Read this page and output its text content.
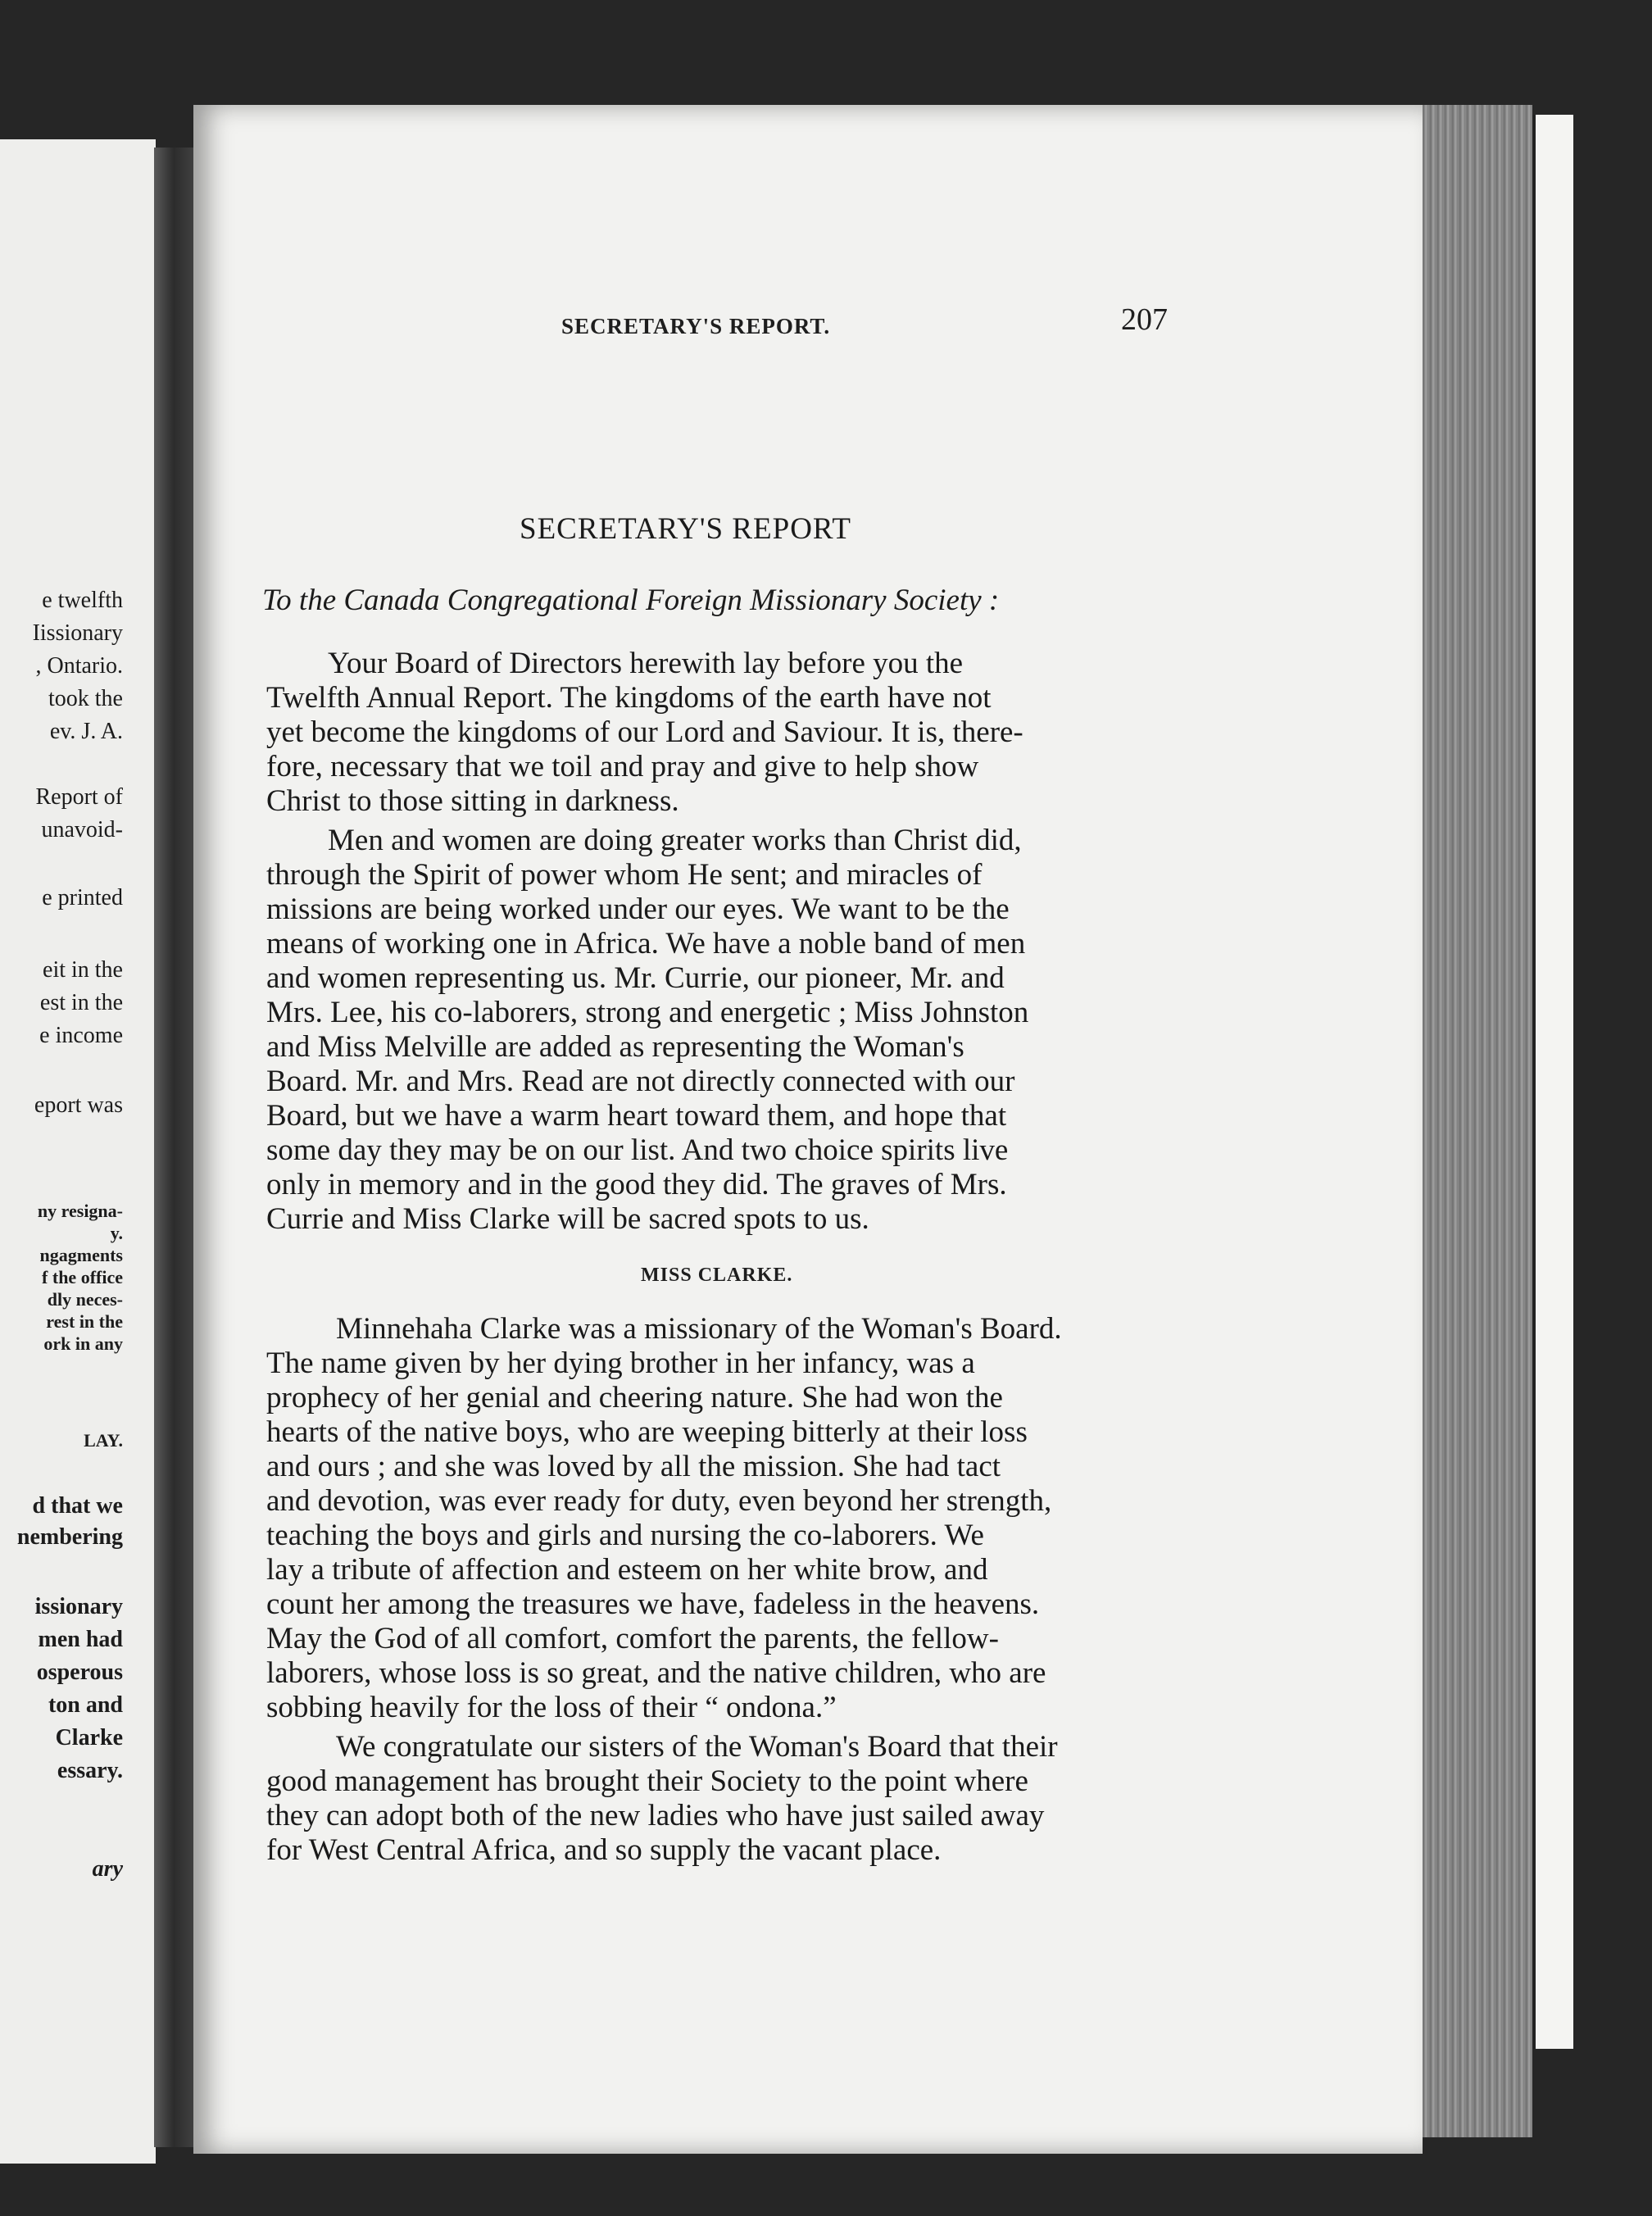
e twelfth
Iissionary
, Ontario.
took the
ev. J. A.
Report of
unavoid-
e printed
eit in the
est in the
e income
eport was
ny resigna-
y.
ngagments
f the office
dly neces-
rest in the
ork in any
LAY.
d that we
nembering
issionary
men had
osperous
ton and
Clarke
essary.
ary
SECRETARY'S REPORT.	207
SECRETARY'S REPORT
To the Canada Congregational Foreign Missionary Society :
Your Board of Directors herewith lay before you the
Twelfth Annual Report. The kingdoms of the earth have not
yet become the kingdoms of our Lord and Saviour. It is, there-
fore, necessary that we toil and pray and give to help show
Christ to those sitting in darkness.
Men and women are doing greater works than Christ did,
through the Spirit of power whom He sent; and miracles of
missions are being worked under our eyes. We want to be the
means of working one in Africa. We have a noble band of men
and women representing us. Mr. Currie, our pioneer, Mr. and
Mrs. Lee, his co-laborers, strong and energetic ; Miss Johnston
and Miss Melville are added as representing the Woman's
Board. Mr. and Mrs. Read are not directly connected with our
Board, but we have a warm heart toward them, and hope that
some day they may be on our list. And two choice spirits live
only in memory and in the good they did. The graves of Mrs.
Currie and Miss Clarke will be sacred spots to us.
MISS CLARKE.
Minnehaha Clarke was a missionary of the Woman's Board.
The name given by her dying brother in her infancy, was a
prophecy of her genial and cheering nature. She had won the
hearts of the native boys, who are weeping bitterly at their loss
and ours ; and she was loved by all the mission. She had tact
and devotion, was ever ready for duty, even beyond her strength,
teaching the boys and girls and nursing the co-laborers. We
lay a tribute of affection and esteem on her white brow, and
count her among the treasures we have, fadeless in the heavens.
May the God of all comfort, comfort the parents, the fellow-
laborers, whose loss is so great, and the native children, who are
sobbing heavily for the loss of their “ ondona.”
We congratulate our sisters of the Woman's Board that their
good management has brought their Society to the point where
they can adopt both of the new ladies who have just sailed away
for West Central Africa, and so supply the vacant place.
